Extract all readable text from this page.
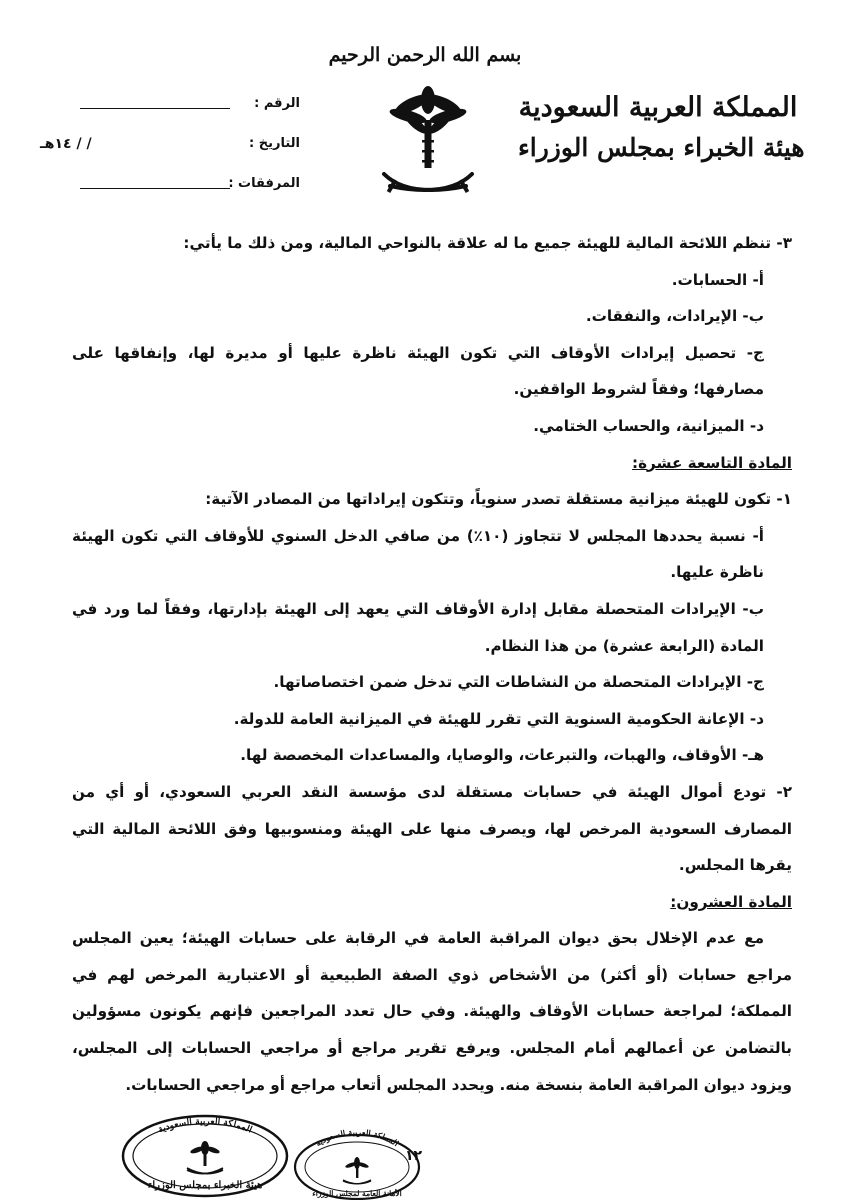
بسم الله الرحمن الرحيم
المملكة العربية السعودية
هيئة الخبراء بمجلس الوزراء
الرقم :
التاريخ :
١٤هـ / /
المرفقات :

٣- تنظم اللائحة المالية للهيئة جميع ما له علاقة بالنواحي المالية، ومن ذلك ما يأتي:

أ- الحسابات.

ب- الإيرادات، والنفقات.

ج- تحصيل إيرادات الأوقاف التي تكون الهيئة ناظرة عليها أو مديرة لها، وإنفاقها على مصارفها؛ وفقاً لشروط الواقفين.

د- الميزانية، والحساب الختامي.

المادة التاسعة عشرة:

١- تكون للهيئة ميزانية مستقلة تصدر سنوياً، وتتكون إيراداتها من المصادر الآتية:

أ- نسبة يحددها المجلس لا تتجاوز (١٠٪) من صافي الدخل السنوي للأوقاف التي تكون الهيئة ناظرة عليها.

ب- الإيرادات المتحصلة مقابل إدارة الأوقاف التي يعهد إلى الهيئة بإدارتها، وفقاً لما ورد في المادة (الرابعة عشرة) من هذا النظام.

ج- الإيرادات المتحصلة من النشاطات التي تدخل ضمن اختصاصاتها.

د- الإعانة الحكومية السنوية التي تقرر للهيئة في الميزانية العامة للدولة.

هـ- الأوقاف، والهبات، والتبرعات، والوصايا، والمساعدات المخصصة لها.

٢- تودع أموال الهيئة في حسابات مستقلة لدى مؤسسة النقد العربي السعودي، أو أي من المصارف السعودية المرخص لها، ويصرف منها على الهيئة ومنسوبيها وفق اللائحة المالية التي يقرها المجلس.

المادة العشرون:

مع عدم الإخلال بحق ديوان المراقبة العامة في الرقابة على حسابات الهيئة؛ يعين المجلس مراجع حسابات (أو أكثر) من الأشخاص ذوي الصفة الطبيعية أو الاعتبارية المرخص لهم في المملكة؛ لمراجعة حسابات الأوقاف والهيئة. وفي حال تعدد المراجعين فإنهم يكونون مسؤولين بالتضامن عن أعمالهم أمام المجلس. ويرفع تقرير مراجع أو مراجعي الحسابات إلى المجلس، ويزود ديوان المراقبة العامة بنسخة منه. ويحدد المجلس أتعاب مراجع أو مراجعي الحسابات.

المملكة العربية السعودية
هيئة الخبراء بمجلس الوزراء
المملكة العربية السعودية
الأمانة العامة لمجلس الوزراء
١٢
